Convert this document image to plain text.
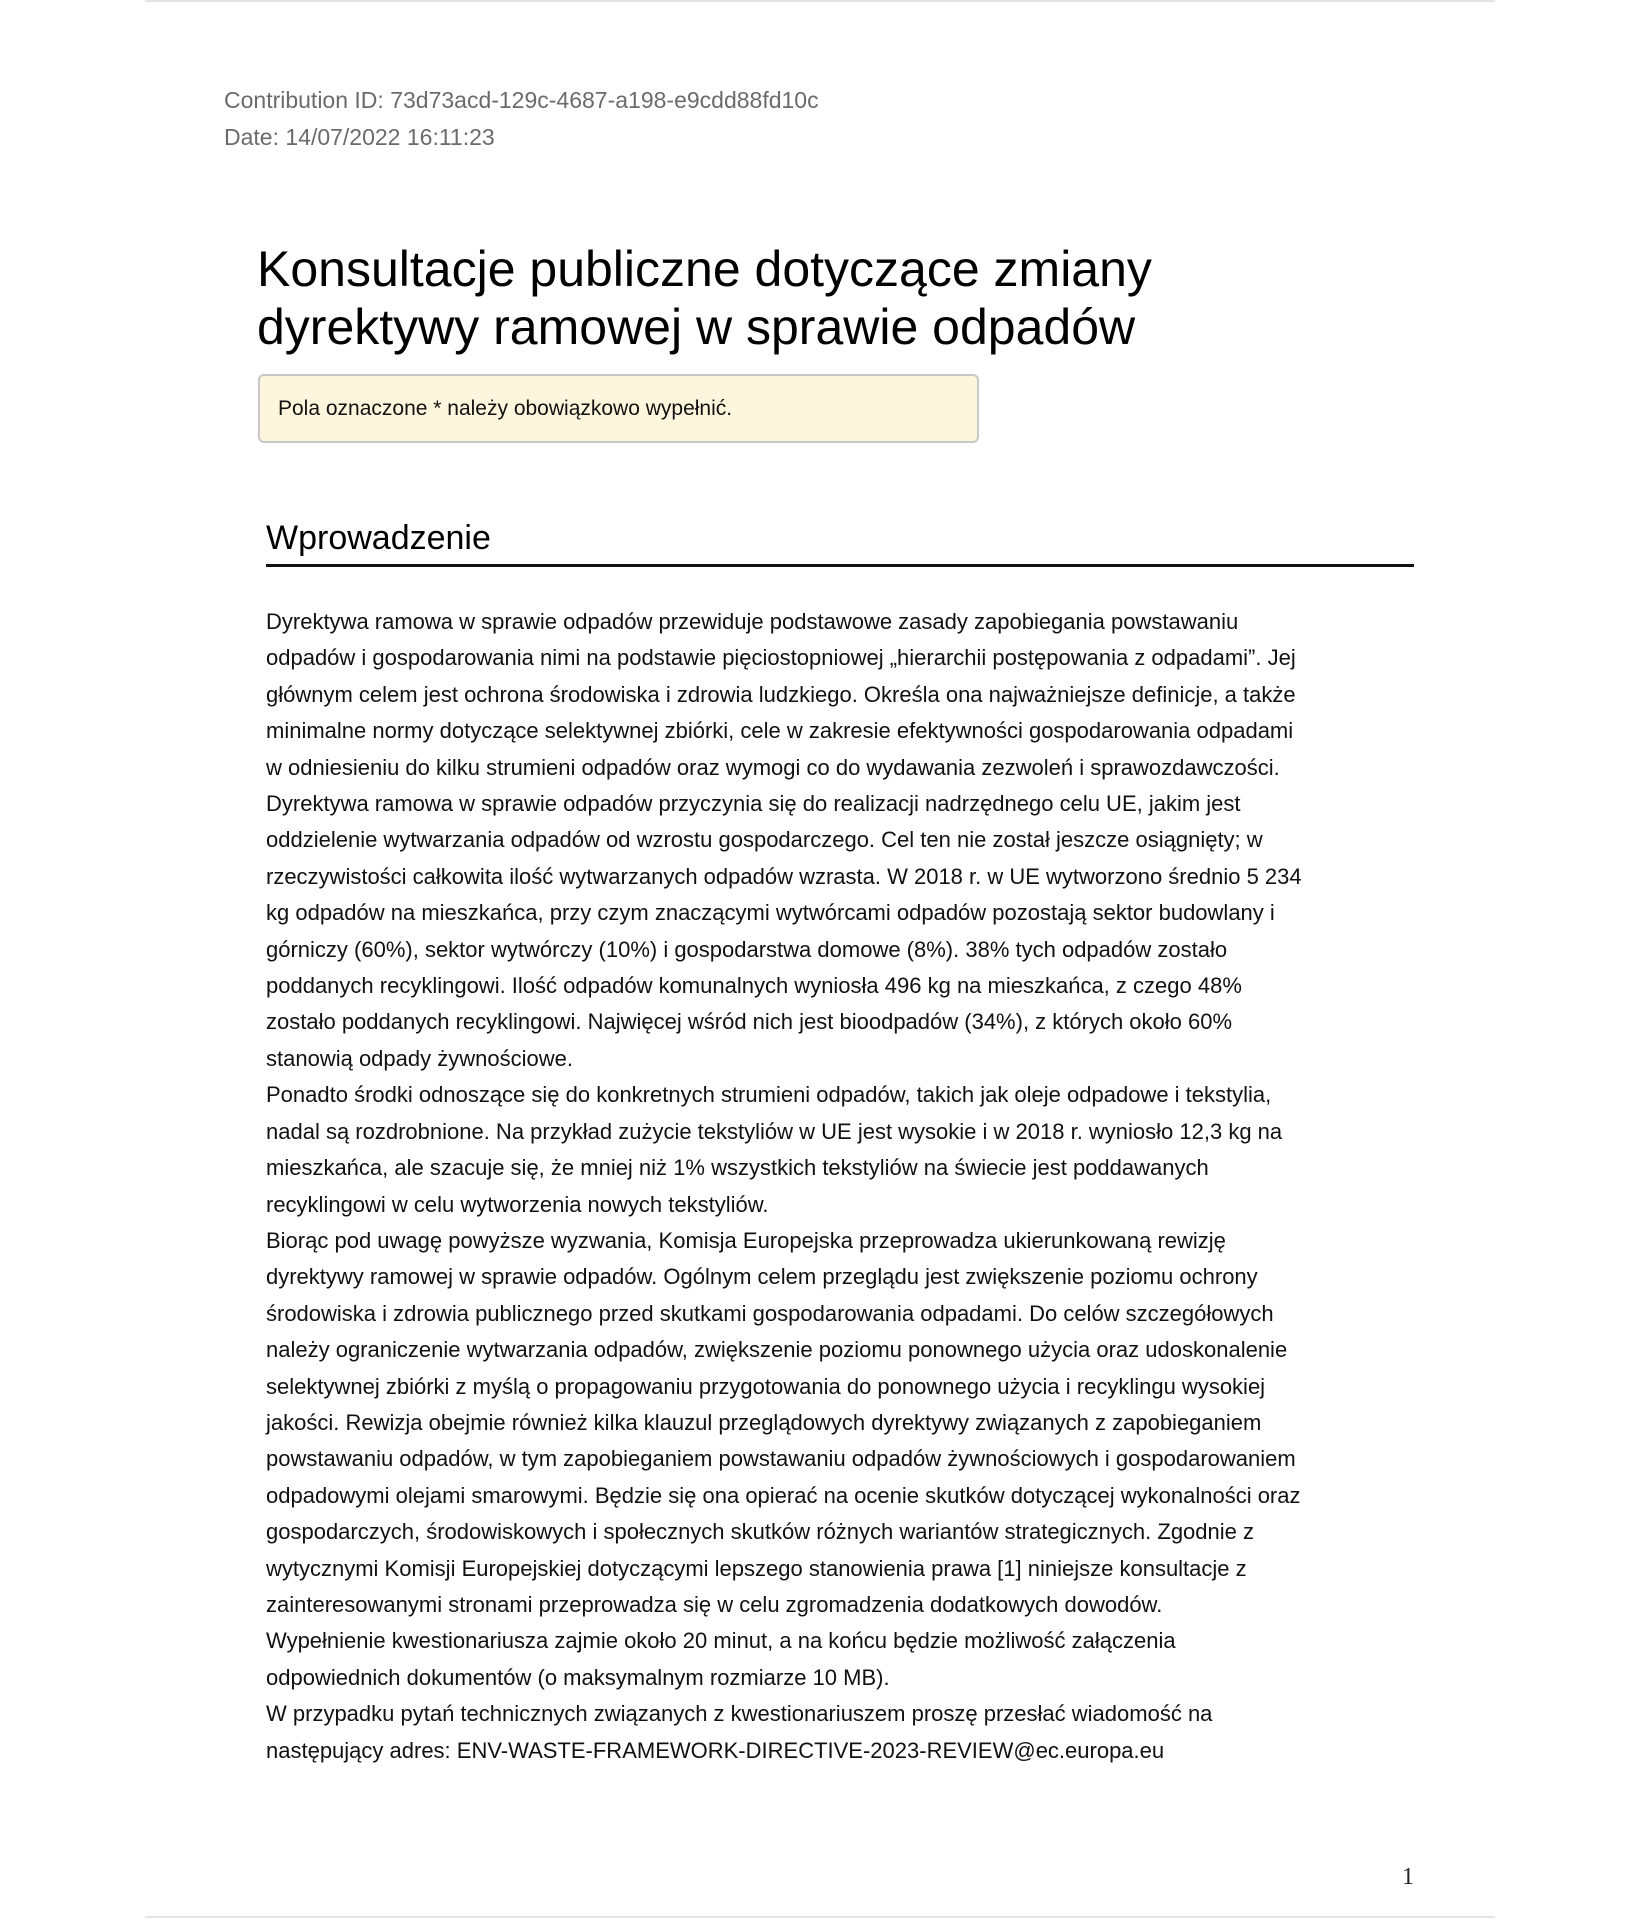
Contribution ID: 73d73acd-129c-4687-a198-e9cdd88fd10c
Date: 14/07/2022 16:11:23
Konsultacje publiczne dotyczące zmiany
dyrektywy ramowej w sprawie odpadów
Pola oznaczone * należy obowiązkowo wypełnić.
Wprowadzenie

Dyrektywa ramowa w sprawie odpadów przewiduje podstawowe zasady zapobiegania powstawaniu

odpadów i gospodarowania nimi na podstawie pięciostopniowej „hierarchii postępowania z odpadami”. Jej

głównym celem jest ochrona środowiska i zdrowia ludzkiego. Określa ona najważniejsze definicje, a także

minimalne normy dotyczące selektywnej zbiórki, cele w zakresie efektywności gospodarowania odpadami

w odniesieniu do kilku strumieni odpadów oraz wymogi co do wydawania zezwoleń i sprawozdawczości.

Dyrektywa ramowa w sprawie odpadów przyczynia się do realizacji nadrzędnego celu UE, jakim jest

oddzielenie wytwarzania odpadów od wzrostu gospodarczego. Cel ten nie został jeszcze osiągnięty; w

rzeczywistości całkowita ilość wytwarzanych odpadów wzrasta. W 2018 r. w UE wytworzono średnio 5 234

kg odpadów na mieszkańca, przy czym znaczącymi wytwórcami odpadów pozostają sektor budowlany i

górniczy (60%), sektor wytwórczy (10%) i gospodarstwa domowe (8%). 38% tych odpadów zostało

poddanych recyklingowi. Ilość odpadów komunalnych wyniosła 496 kg na mieszkańca, z czego 48%

zostało poddanych recyklingowi. Najwięcej wśród nich jest bioodpadów (34%), z których około 60%

stanowią odpady żywnościowe.

Ponadto środki odnoszące się do konkretnych strumieni odpadów, takich jak oleje odpadowe i tekstylia,

nadal są rozdrobnione. Na przykład zużycie tekstyliów w UE jest wysokie i w 2018 r. wyniosło 12,3 kg na

mieszkańca, ale szacuje się, że mniej niż 1% wszystkich tekstyliów na świecie jest poddawanych

recyklingowi w celu wytworzenia nowych tekstyliów.

Biorąc pod uwagę powyższe wyzwania, Komisja Europejska przeprowadza ukierunkowaną rewizję

dyrektywy ramowej w sprawie odpadów. Ogólnym celem przeglądu jest zwiększenie poziomu ochrony

środowiska i zdrowia publicznego przed skutkami gospodarowania odpadami. Do celów szczegółowych

należy ograniczenie wytwarzania odpadów, zwiększenie poziomu ponownego użycia oraz udoskonalenie

selektywnej zbiórki z myślą o propagowaniu przygotowania do ponownego użycia i recyklingu wysokiej

jakości. Rewizja obejmie również kilka klauzul przeglądowych dyrektywy związanych z zapobieganiem

powstawaniu odpadów, w tym zapobieganiem powstawaniu odpadów żywnościowych i gospodarowaniem

odpadowymi olejami smarowymi. Będzie się ona opierać na ocenie skutków dotyczącej wykonalności oraz

gospodarczych, środowiskowych i społecznych skutków różnych wariantów strategicznych. Zgodnie z

wytycznymi Komisji Europejskiej dotyczącymi lepszego stanowienia prawa [1] niniejsze konsultacje z

zainteresowanymi stronami przeprowadza się w celu zgromadzenia dodatkowych dowodów.

Wypełnienie kwestionariusza zajmie około 20 minut, a na końcu będzie możliwość załączenia

odpowiednich dokumentów (o maksymalnym rozmiarze 10 MB).

W przypadku pytań technicznych związanych z kwestionariuszem proszę przesłać wiadomość na

następujący adres: ENV-WASTE-FRAMEWORK-DIRECTIVE-2023-REVIEW@ec.europa.eu

1
